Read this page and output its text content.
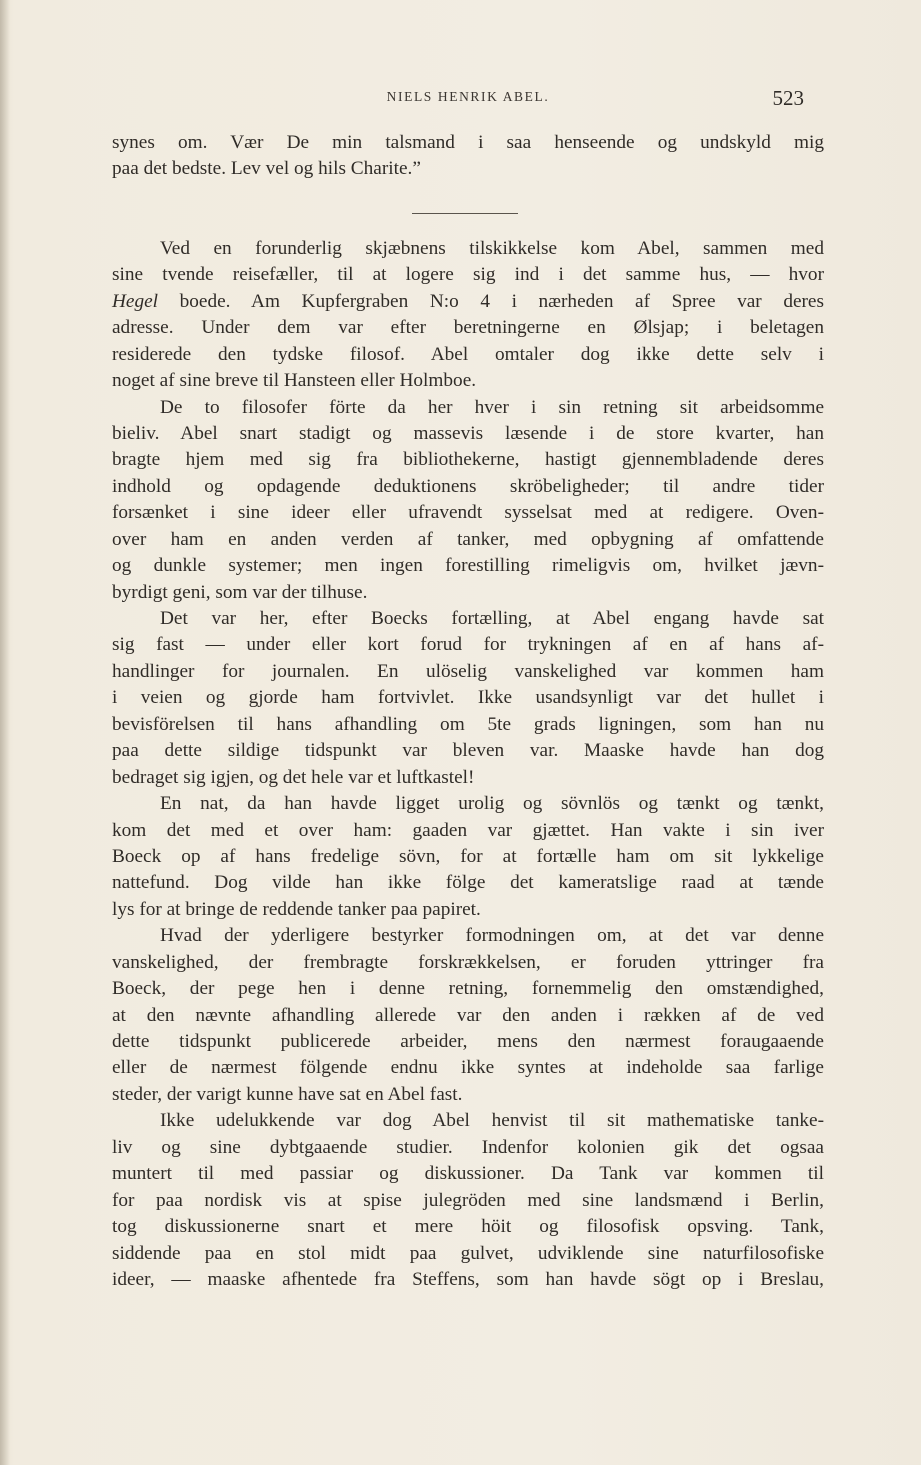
NIELS HENRIK ABEL.	523
synes om. Vær De min talsmand i saa henseende og undskyld mig
paa det bedste. Lev vel og hils Charite.”
Ved en forunderlig skjæbnens tilskikkelse kom Abel, sammen med
sine tvende reisefæller, til at logere sig ind i det samme hus, — hvor
Hegel boede. Am Kupfergraben N:o 4 i nærheden af Spree var deres
adresse. Under dem var efter beretningerne en Ølsjap; i beletagen
residerede den tydske filosof. Abel omtaler dog ikke dette selv i
noget af sine breve til Hansteen eller Holmboe.
De to filosofer förte da her hver i sin retning sit arbeidsomme
bieliv. Abel snart stadigt og massevis læsende i de store kvarter, han
bragte hjem med sig fra bibliothekerne, hastigt gjennembladende deres
indhold og opdagende deduktionens skröbeligheder; til andre tider
forsænket i sine ideer eller ufravendt sysselsat med at redigere. Oven-
over ham en anden verden af tanker, med opbygning af omfattende
og dunkle systemer; men ingen forestilling rimeligvis om, hvilket jævn-
byrdigt geni, som var der tilhuse.
Det var her, efter Boecks fortælling, at Abel engang havde sat
sig fast — under eller kort forud for trykningen af en af hans af-
handlinger for journalen. En ulöselig vanskelighed var kommen ham
i veien og gjorde ham fortvivlet. Ikke usandsynligt var det hullet i
bevisförelsen til hans afhandling om 5te grads ligningen, som han nu
paa dette sildige tidspunkt var bleven var. Maaske havde han dog
bedraget sig igjen, og det hele var et luftkastel!
En nat, da han havde ligget urolig og sövnlös og tænkt og tænkt,
kom det med et over ham: gaaden var gjættet. Han vakte i sin iver
Boeck op af hans fredelige sövn, for at fortælle ham om sit lykkelige
nattefund. Dog vilde han ikke fölge det kameratslige raad at tænde
lys for at bringe de reddende tanker paa papiret.
Hvad der yderligere bestyrker formodningen om, at det var denne
vanskelighed, der frembragte forskrækkelsen, er foruden yttringer fra
Boeck, der pege hen i denne retning, fornemmelig den omstændighed,
at den nævnte afhandling allerede var den anden i rækken af de ved
dette tidspunkt publicerede arbeider, mens den nærmest foraugaaende
eller de nærmest fölgende endnu ikke syntes at indeholde saa farlige
steder, der varigt kunne have sat en Abel fast.
Ikke udelukkende var dog Abel henvist til sit mathematiske tanke-
liv og sine dybtgaaende studier. Indenfor kolonien gik det ogsaa
muntert til med passiar og diskussioner. Da Tank var kommen til
for paa nordisk vis at spise julegröden med sine landsmænd i Berlin,
tog diskussionerne snart et mere höit og filosofisk opsving. Tank,
siddende paa en stol midt paa gulvet, udviklende sine naturfilosofiske
ideer, — maaske afhentede fra Steffens, som han havde sögt op i Breslau,
